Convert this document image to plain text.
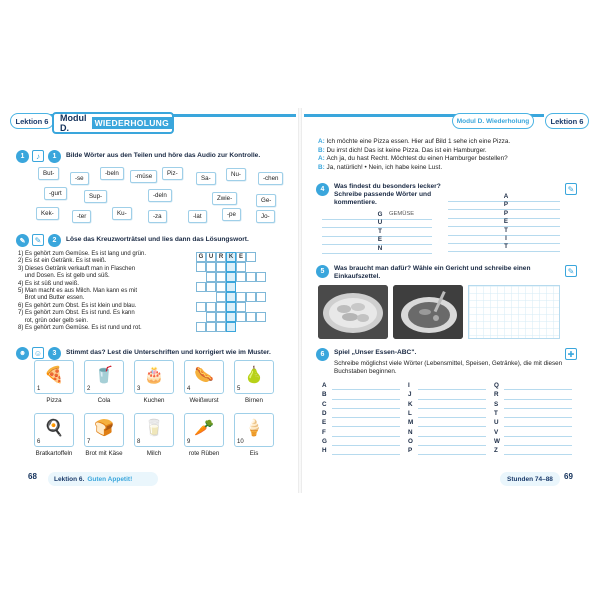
Lektion 6	Modul D.	WIEDERHOLUNG
1	♪	1	Bilde Wörter aus den Teilen und höre das Audio zur Kontrolle.
But-
-se
-beln	-müse	Piz-
Sa-
Nu-
-chen
-gurt	Sup-	-deln	Zwie-	Ge-
Kek-	-ter	Ku-	-za	-lat	-pe	Jo-
✎	✎	2	Löse das Kreuzworträtsel und lies dann das Lösungswort.
1) Es gehört zum Gemüse. Es ist lang und grün.
2) Es ist ein Getränk. Es ist weiß.
3) Dieses Getränk verkauft man in Flaschen
und Dosen. Es ist gelb und süß.
4) Es ist süß und weiß.
5) Man macht es aus Milch. Man kann es mit
Brot und Butter essen.
6) Es gehört zum Obst. Es ist klein und blau.
7) Es gehört zum Obst. Es ist rund. Es kann
rot, grün oder gelb sein.
8) Es gehört zum Gemüse. Es ist rund und rot.
G U R K E
☻ ☺	3	Stimmt das? Lest die Unterschriften und korrigiert wie im Muster.
🍕
1
Pizza
🥤
2
Cola
🎂
3
Kuchen
🌭
4
Weißwurst
🍐
5
Birnen
🍳
6
Bratkartoffeln
🍞
7
Brot mit Käse
🥛
8
Milch
🥕
9
rote Rüben
🍦
10
Eis
68	Lektion 6. Guten Appetit!
Modul D. Wiederholung	Lektion 6
A: Ich möchte eine Pizza essen. Hier auf Bild 1 sehe ich eine Pizza.
B: Du irrst dich! Das ist keine Pizza. Das ist ein Hamburger.
A: Ach ja, du hast Recht. Möchtest du einen Hamburger bestellen?
B: Ja, natürlich! • Nein, ich habe keine Lust.
4	Was findest du besonders lecker? Schreibe passende Wörter und kommentiere.
✎
G
U
T
E
N
GEMÜSE
A
P
P
E
T
I
T
5	Was braucht man dafür? Wähle ein Gericht und schreibe einen Einkaufszettel.
✎
6	Spiel „Unser Essen-ABC".	✚
Schreibe möglichst viele Wörter (Lebensmittel, Speisen, Getränke), die mit diesen Buchstaben beginnen.
A
B
C
D
E
F
G
H
I
J
K
L
M
N
O
P
Q
R
S
T
U
V
W
Z
69
Stunden 74–88
